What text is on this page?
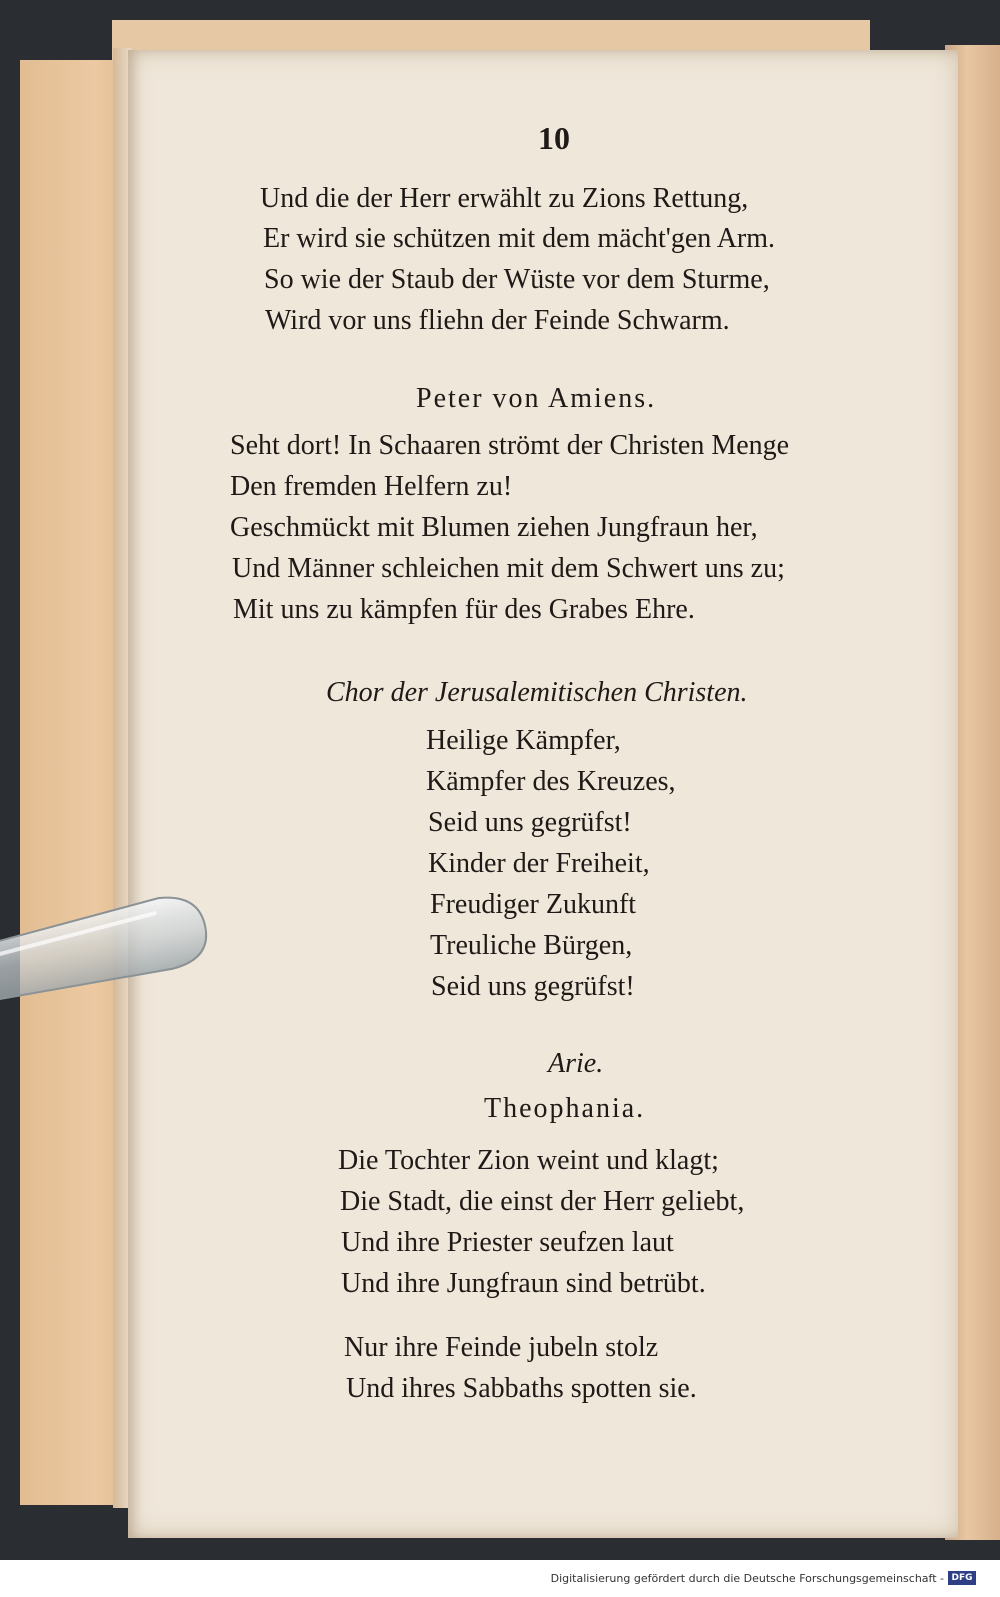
10

Und die der Herr erwählt zu Zions Rettung,

Er wird sie schützen mit dem mächt'gen Arm.

So wie der Staub der Wüste vor dem Sturme,

Wird vor uns fliehn der Feinde Schwarm.

Peter von Amiens.

Seht dort! In Schaaren strömt der Christen Menge

Den fremden Helfern zu!

Geschmückt mit Blumen ziehen Jungfraun her,

Und Männer schleichen mit dem Schwert uns zu;

Mit uns zu kämpfen für des Grabes Ehre.

Chor der Jerusalemitischen Christen.

Heilige Kämpfer,

Kämpfer des Kreuzes,

Seid uns gegrüfst!

Kinder der Freiheit,

Freudiger Zukunft

Treuliche Bürgen,

Seid uns gegrüfst!

Arie.

Theophania.

Die Tochter Zion weint und klagt;

Die Stadt, die einst der Herr geliebt,

Und ihre Priester seufzen laut

Und ihre Jungfraun sind betrübt.

Nur ihre Feinde jubeln stolz

Und ihres Sabbaths spotten sie.

Digitalisierung gefördert durch die Deutsche Forschungsgemeinschaft - DFG
